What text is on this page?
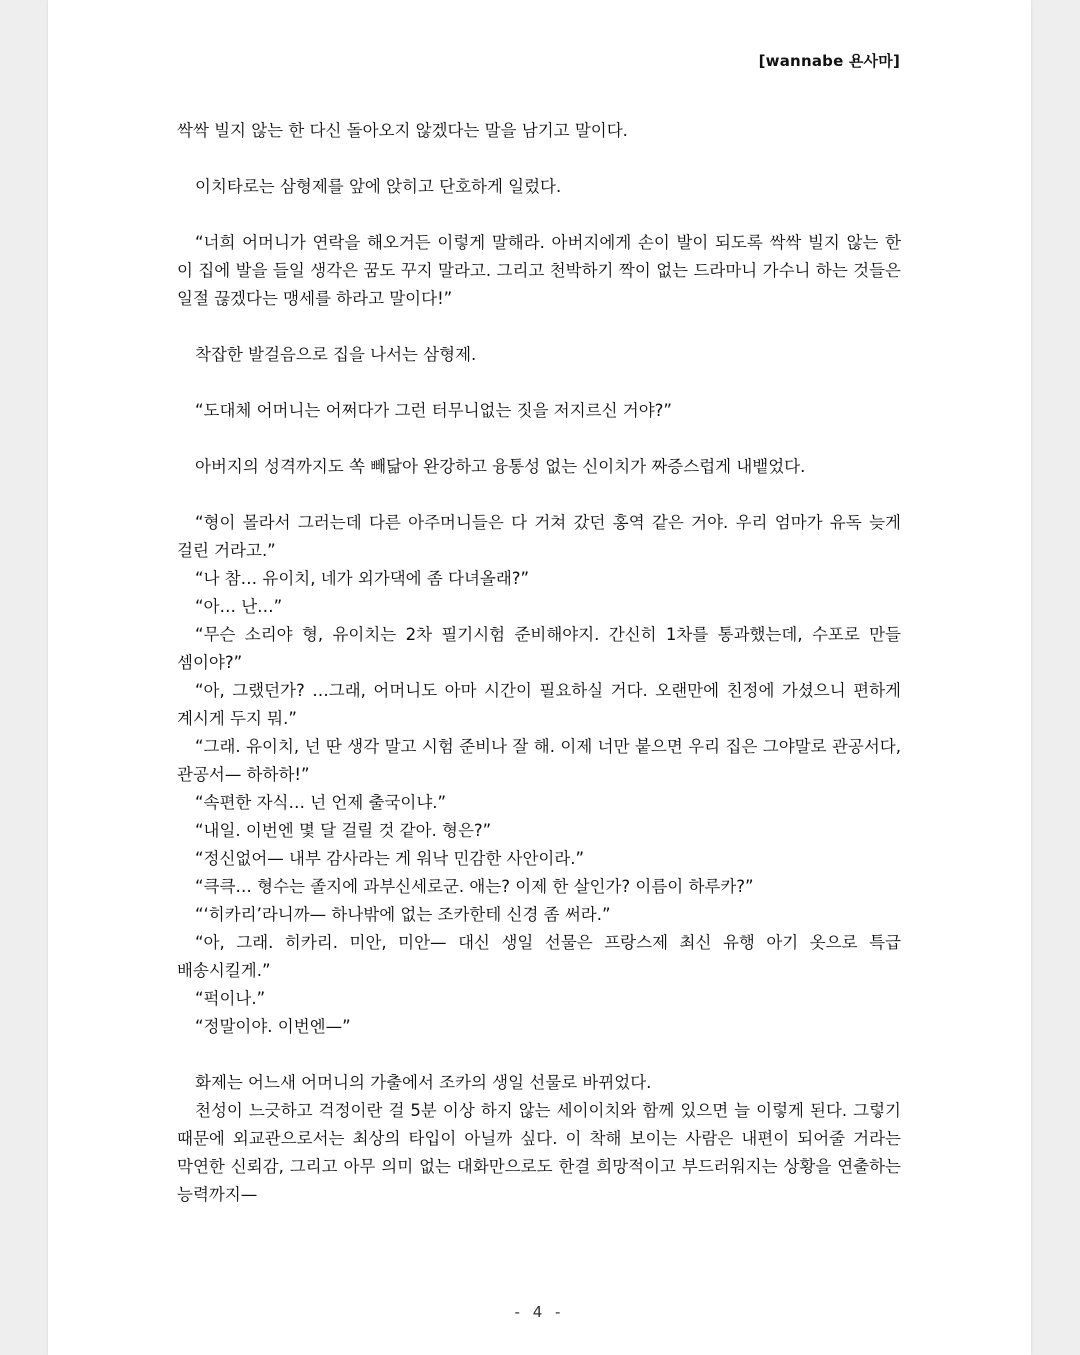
[wannabe 욘사마]

싹싹 빌지 않는 한 다신 돌아오지 않겠다는 말을 남기고 말이다.

이치타로는 삼형제를 앞에 앉히고 단호하게 일렀다.

“너희 어머니가 연락을 해오거든 이렇게 말해라. 아버지에게 손이 발이 되도록 싹싹 빌지 않는 한 이 집에 발을 들일 생각은 꿈도 꾸지 말라고. 그리고 천박하기 짝이 없는 드라마니 가수니 하는 것들은 일절 끊겠다는 맹세를 하라고 말이다!”

착잡한 발걸음으로 집을 나서는 삼형제.

“도대체 어머니는 어쩌다가 그런 터무니없는 짓을 저지르신 거야?”

아버지의 성격까지도 쏙 빼닮아 완강하고 융통성 없는 신이치가 짜증스럽게 내뱉었다.

“형이 몰라서 그러는데 다른 아주머니들은 다 거쳐 갔던 홍역 같은 거야. 우리 엄마가 유독 늦게 걸린 거라고.”

“나 참… 유이치, 네가 외가댁에 좀 다녀올래?”

“아… 난…”

“무슨 소리야 형, 유이치는 2차 필기시험 준비해야지. 간신히 1차를 통과했는데, 수포로 만들 셈이야?”

“아, 그랬던가? …그래, 어머니도 아마 시간이 필요하실 거다. 오랜만에 친정에 가셨으니 편하게 계시게 두지 뭐.”

“그래. 유이치, 넌 딴 생각 말고 시험 준비나 잘 해. 이제 너만 붙으면 우리 집은 그야말로 관공서다, 관공서— 하하하!”

“속편한 자식… 넌 언제 출국이냐.”

“내일. 이번엔 몇 달 걸릴 것 같아. 형은?”

“정신없어— 내부 감사라는 게 워낙 민감한 사안이라.”

“큭큭… 형수는 졸지에 과부신세로군. 애는? 이제 한 살인가? 이름이 하루카?”

“‘히카리’라니까— 하나밖에 없는 조카한테 신경 좀 써라.”

“아, 그래. 히카리. 미안, 미안— 대신 생일 선물은 프랑스제 최신 유행 아기 옷으로 특급 배송시킬게.”

“퍽이나.”

“정말이야. 이번엔—”

화제는 어느새 어머니의 가출에서 조카의 생일 선물로 바뀌었다.

천성이 느긋하고 걱정이란 걸 5분 이상 하지 않는 세이이치와 함께 있으면 늘 이렇게 된다. 그렇기 때문에 외교관으로서는 최상의 타입이 아닐까 싶다. 이 착해 보이는 사람은 내편이 되어줄 거라는 막연한 신뢰감, 그리고 아무 의미 없는 대화만으로도 한결 희망적이고 부드러워지는 상황을 연출하는 능력까지—

- 4 -
